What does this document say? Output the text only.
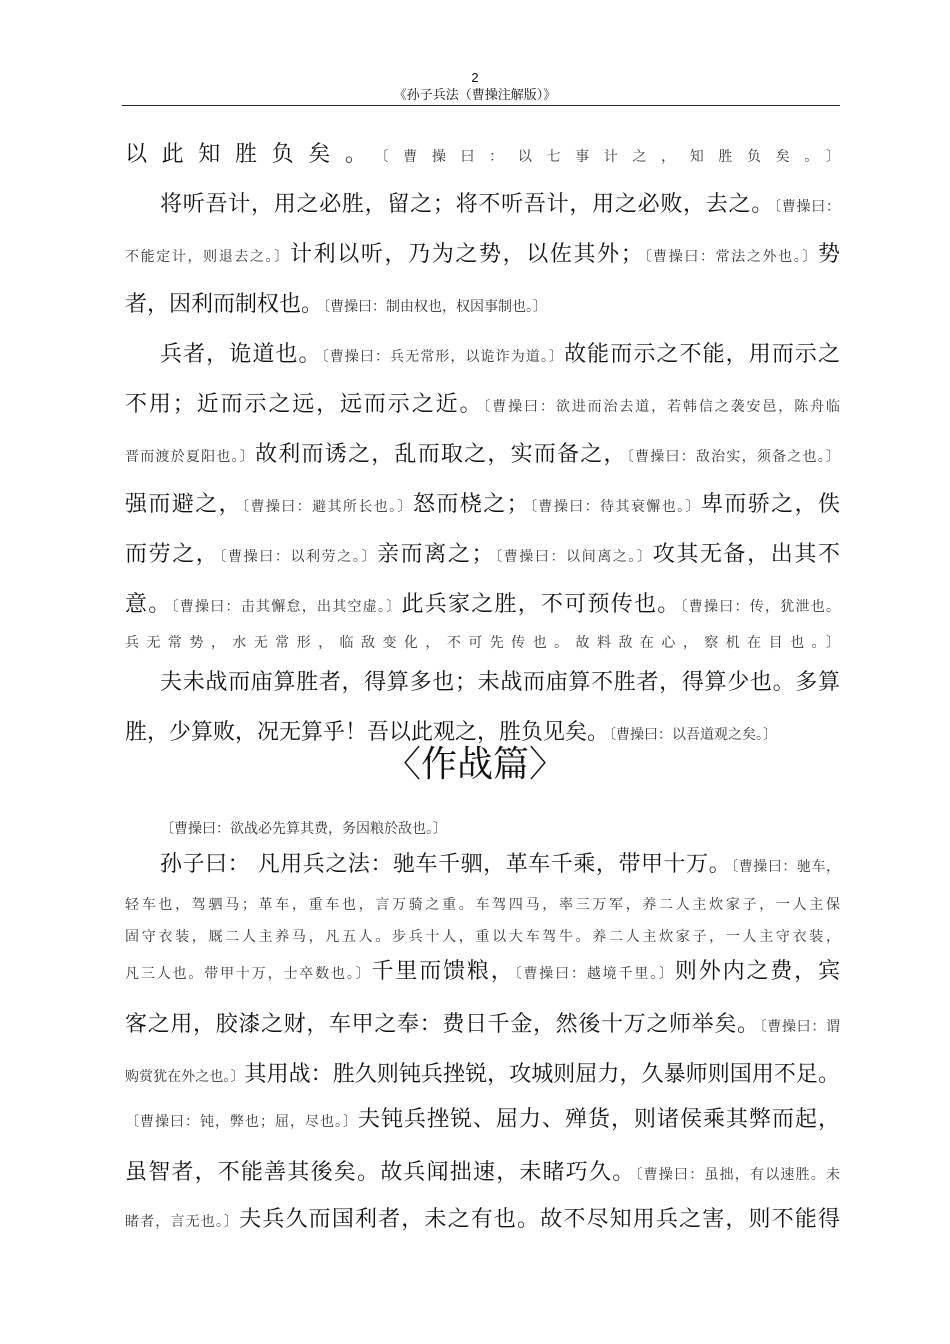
2
《孙子兵法（曹操注解版）》
以此知胜负矣。〔曹操曰：以七事计之，知胜负矣。〕
将听吾计，用之必胜，留之；将不听吾计，用之必败，去之。〔曹操曰：
不能定计，则退去之。〕计利以听，乃为之势，以佐其外；〔曹操曰：常法之外也。〕势
者，因利而制权也。〔曹操曰：制由权也，权因事制也。〕
兵者，诡道也。〔曹操曰：兵无常形，以诡诈为道。〕故能而示之不能，用而示之
不用；近而示之远，远而示之近。〔曹操曰：欲进而治去道，若韩信之袭安邑，陈舟临
晋而渡於夏阳也。〕故利而诱之，乱而取之，实而备之，〔曹操曰：敌治实，须备之也。〕
强而避之，〔曹操曰：避其所长也。〕怒而桡之；〔曹操曰：待其衰懈也。〕卑而骄之，佚
而劳之，〔曹操曰：以利劳之。〕亲而离之；〔曹操曰：以间离之。〕攻其无备，出其不
意。〔曹操曰：击其懈怠，出其空虚。〕此兵家之胜，不可预传也。〔曹操曰：传，犹泄也。
兵无常势，水无常形，临敌变化，不可先传也。故料敌在心，察机在目也。〕
夫未战而庙算胜者，得算多也；未战而庙算不胜者，得算少也。多算
胜，少算败，况无算乎！吾以此观之，胜负见矣。〔曹操曰：以吾道观之矣。〕
〈作战篇〉
〔曹操曰：欲战必先算其费，务因粮於敌也。〕
孙子曰： 凡用兵之法：驰车千驷，革车千乘，带甲十万。〔曹操曰：驰车，
轻车也，驾驷马；革车，重车也，言万骑之重。车驾四马，率三万军，养二人主炊家子，一人主保
固守衣装，厩二人主养马，凡五人。步兵十人，重以大车驾牛。养二人主炊家子，一人主守衣装，
凡三人也。带甲十万，士卒数也。〕千里而馈粮，〔曹操曰：越境千里。〕则外内之费，宾
客之用，胶漆之财，车甲之奉：费日千金，然後十万之师举矣。〔曹操曰：谓
购赏犹在外之也。〕其用战：胜久则钝兵挫锐，攻城则屈力，久暴师则国用不足。
〔曹操曰：钝，弊也；屈，尽也。〕夫钝兵挫锐、屈力、殚货，则诸侯乘其弊而起，
虽智者，不能善其後矣。故兵闻拙速，未睹巧久。〔曹操曰：虽拙，有以速胜。未
睹者，言无也。〕夫兵久而国利者，未之有也。故不尽知用兵之害，则不能得
